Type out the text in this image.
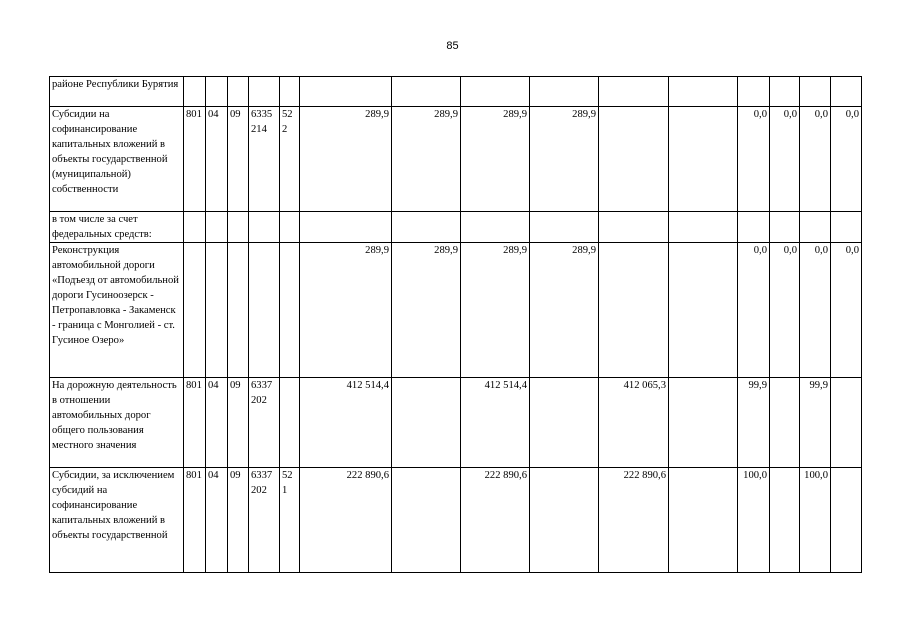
85
районе Республики Бурятия															
Субсидии на софинансирование капитальных вложений в объекты государственной (муниципальной) собственности	801	04	09	6335 214	522	289,9	289,9	289,9	289,9			0,0	0,0	0,0	0,0
в том числе за счет федеральных средств:															
Реконструкция автомобильной дороги «Подъезд от автомобильной дороги Гусиноозерск - Петропавловка - Закаменск - граница с Монголией - ст. Гусиное Озеро»						289,9	289,9	289,9	289,9			0,0	0,0	0,0	0,0
На дорожную деятельность в отношении автомобильных дорог общего пользования местного значения	801	04	09	6337 202		412 514,4		412 514,4		412 065,3		99,9		99,9	
Субсидии, за исключением субсидий на софинансирование капитальных вложений в объекты государственной	801	04	09	6337 202	521	222 890,6		222 890,6		222 890,6		100,0		100,0	
